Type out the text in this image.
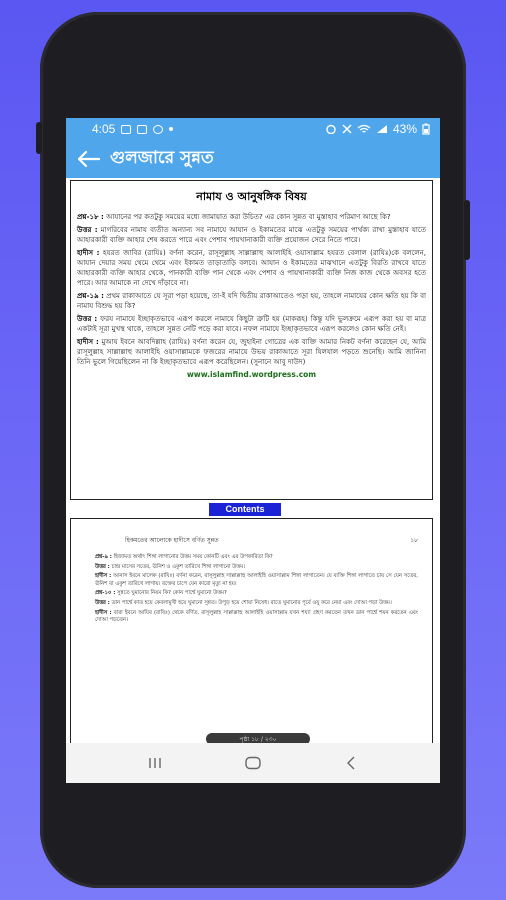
4:05	43%
গুলজারে সুন্নত
নামায ও আনুষঙ্গিক বিষয়

প্রশ্ন-১৮ : আযানের পর কতটুকু সময়ের মধ্যে জামায়াত করা উচিত? এর কোন সুন্নত বা মুস্তাহাব পরিমাণ আছে কি?

উত্তর : মাগরিবের নামায ব্যতীত অন্যান্য সব নামাযে আযান ও ইকামতের মাঝে এতটুকু সময়ের পার্থক্য রাখা মুস্তাহাব যাতে আহারকারী ব্যক্তি আহার শেষ করতে পারে এবং পেশাব পায়খানাকারী ব্যক্তি প্রয়োজন সেরে নিতে পারে।

হাদীস : হযরত জাবির (রাযিঃ) বর্ণনা করেন, রাসূলুল্লাহ সাল্লাল্লাহু আলাইহি ওয়াসাল্লাম হযরত বেলাল (রাযিঃ)কে বললেন, আযান দেয়ার সময় থেমে থেমে এবং ইকামত তাড়াতাড়ি বলবে। আযান ও ইকামতের মাঝখানে এতটুকু বিরতি রাখবে যাতে আহারকারী ব্যক্তি আহার থেকে, পানকারী ব্যক্তি পান থেকে এবং পেশাব ও পায়খানাকারী ব্যক্তি নিজ কাজ থেকে অবসর হতে পারে। আর আমাকে না দেখে দাঁড়াবে না।

প্রশ্ন-১৯ : প্রথম রাকাআতে যে সূরা পড়া হয়েছে, তা-ই যদি দ্বিতীয় রাকাআতেও পড়া হয়, তাহলে নামাযের কোন ক্ষতি হয় কি বা নামায বিশুদ্ধ হয় কি?

উত্তর : ফরয নামাযে ইচ্ছাকৃতভাবে এরূপ করলে নামাযে কিছুটা ত্রুটি হয় (মাকরূহ) কিন্তু যদি ভুলক্রমে এরূপ করা হয় বা মাত্র একটাই সূরা মুখস্থ থাকে, তাহলে সুন্নত নেটি পড়ে করা যাবে। নফল নামাযে ইচ্ছাকৃতভাবে এরূপ করলেও কোন ক্ষতি নেই।

হাদীস : মুআয ইবনে আবদিল্লাহ (রাযিঃ) বর্ণনা করেন যে, জুহাইনা গোত্রের এক ব্যক্তি আমার নিকট বর্ণনা করেছেন যে, আমি রাসূলুল্লাহ সাল্লাল্লাহু আলাইহি ওয়াসাল্লামকে ফজরের নামাযে উভয় রাকাআতে সূরা যিলযাল পড়তে শুনেছি। আমি জানিনা তিনি ভুলে গিয়েছিলেন না কি ইচ্ছাকৃতভাবে এরূপ করেছিলেন। (সুনানে আবু দাউদ)

www.islamfind.wordpress.com
Contents
হিকমতের আলোকে হাদীসে বর্ণিত সুন্নত	১৮

প্রশ্ন-৯ : হিজামত অর্থাৎ শিঙ্গা লাগানোর উত্তম সময় কোনটি এবং এর উপকারিতা কি?

উত্তর : চান্দ্র মাসের সতের, ঊনিশ ও একুশ তারিখে শিঙ্গা লাগানো উত্তম।

হাদীস : আনাস ইবনে মালেক (রাযিঃ) বর্ণনা করেন, রাসূলুল্লাহ সাল্লাল্লাহু আলাইহি ওয়াসাল্লাম শিঙ্গা লাগাতেন। যে ব্যক্তি শিঙ্গা লাগাতে চায় সে যেন সতের, ঊনিশ বা একুশ তারিখে লাগায়। রক্তের চাপে যেন কারো মৃত্যু না হয়।

প্রশ্ন-১০ : সুন্নতে ঘুমানোর নিয়ম কি? কোন পার্শ্বে ঘুমানো উত্তম?

উত্তর : ডান পার্শ্বে কাত হয়ে কেবলামুখী হয়ে ঘুমানো সুন্নত। উপুড় হয়ে শোয়া নিষেধ। রাতে ঘুমানোর পূর্বে ওযু করে নেয়া এবং দোআ পড়া উত্তম।

হাদীস : বারা ইবনে আযিব (রাযিঃ) থেকে বর্ণিত, রাসূলুল্লাহ সাল্লাল্লাহু আলাইহি ওয়াসাল্লাম যখন শয্যা গ্রহণ করতেন তখন ডান পার্শ্বে শয়ন করতেন এবং দোআ পড়তেন।

পৃষ্ঠা ১৮ / ২৩০
